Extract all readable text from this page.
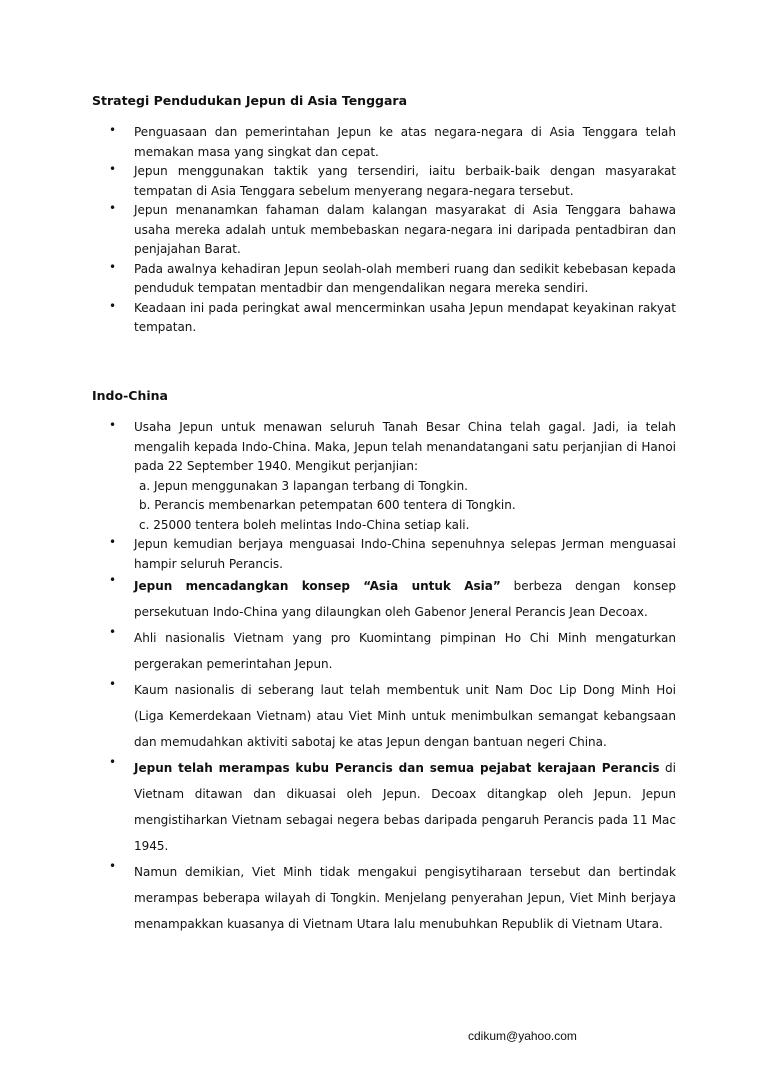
Strategi Pendudukan Jepun di Asia Tenggara
• Penguasaan dan pemerintahan Jepun ke atas negara-negara di Asia Tenggara telah memakan masa yang singkat dan cepat.
• Jepun menggunakan taktik yang tersendiri, iaitu berbaik-baik dengan masyarakat tempatan di Asia Tenggara sebelum menyerang negara-negara tersebut.
• Jepun menanamkan fahaman dalam kalangan masyarakat di Asia Tenggara bahawa usaha mereka adalah untuk membebaskan negara-negara ini daripada pentadbiran dan penjajahan Barat.
• Pada awalnya kehadiran Jepun seolah-olah memberi ruang dan sedikit kebebasan kepada penduduk tempatan mentadbir dan mengendalikan negara mereka sendiri.
• Keadaan ini pada peringkat awal mencerminkan usaha Jepun mendapat keyakinan rakyat tempatan.
Indo-China
• Usaha Jepun untuk menawan seluruh Tanah Besar China telah gagal. Jadi, ia telah mengalih kepada Indo-China. Maka, Jepun telah menandatangani satu perjanjian di Hanoi pada 22 September 1940. Mengikut perjanjian:
a. Jepun menggunakan 3 lapangan terbang di Tongkin.
b. Perancis membenarkan petempatan 600 tentera di Tongkin.
c. 25000 tentera boleh melintas Indo-China setiap kali.
• Jepun kemudian berjaya menguasai Indo-China sepenuhnya selepas Jerman menguasai hampir seluruh Perancis.
• Jepun mencadangkan konsep “Asia untuk Asia” berbeza dengan konsep persekutuan Indo-China yang dilaungkan oleh Gabenor Jeneral Perancis Jean Decoax.
• Ahli nasionalis Vietnam yang pro Kuomintang pimpinan Ho Chi Minh mengaturkan pergerakan pemerintahan Jepun.
• Kaum nasionalis di seberang laut telah membentuk unit Nam Doc Lip Dong Minh Hoi (Liga Kemerdekaan Vietnam) atau Viet Minh untuk menimbulkan semangat kebangsaan dan memudahkan aktiviti sabotaj ke atas Jepun dengan bantuan negeri China.
• Jepun telah merampas kubu Perancis dan semua pejabat kerajaan Perancis di Vietnam ditawan dan dikuasai oleh Jepun. Decoax ditangkap oleh Jepun. Jepun mengistiharkan Vietnam sebagai negera bebas daripada pengaruh Perancis pada 11 Mac 1945.
• Namun demikian, Viet Minh tidak mengakui pengisytiharaan tersebut dan bertindak merampas beberapa wilayah di Tongkin. Menjelang penyerahan Jepun, Viet Minh berjaya menampakkan kuasanya di Vietnam Utara lalu menubuhkan Republik di Vietnam Utara.
cdikum@yahoo.com
